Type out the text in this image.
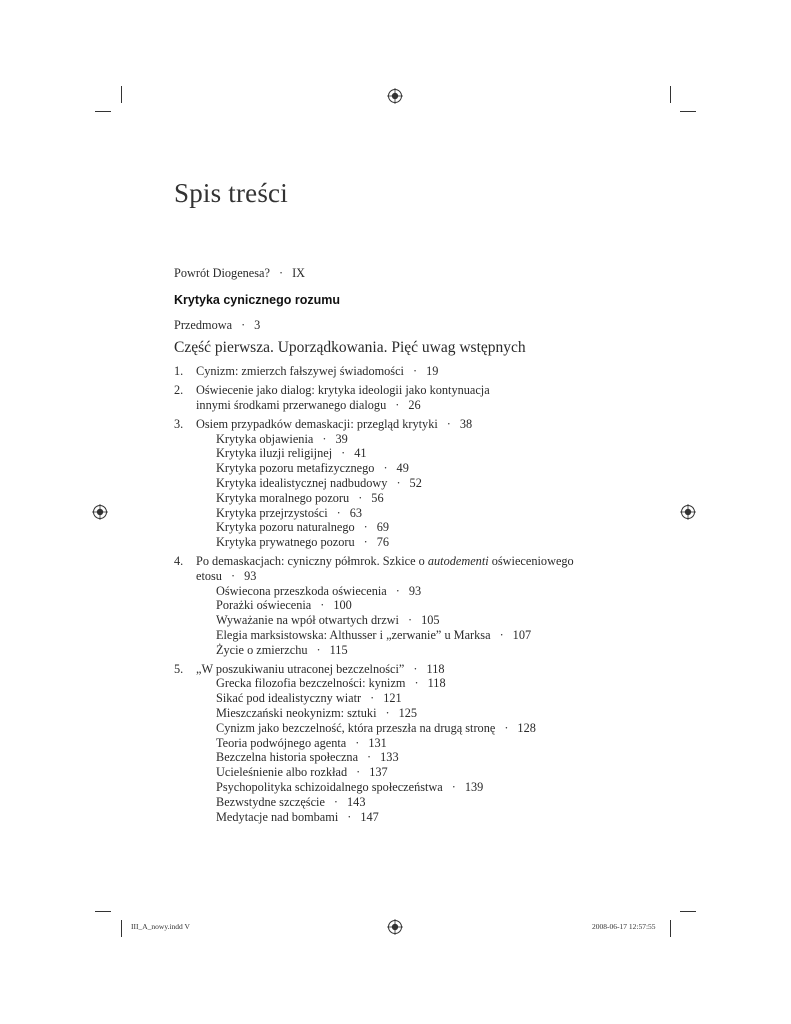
Spis treści
Powrót Diogenesa? · IX
Krytyka cynicznego rozumu
Przedmowa · 3
Część pierwsza. Uporządkowania. Pięć uwag wstępnych
1. Cynizm: zmierzch fałszywej świadomości · 19
2. Oświecenie jako dialog: krytyka ideologii jako kontynuacja
innymi środkami przerwanego dialogu · 26
3. Osiem przypadków demaskacji: przegląd krytyki · 38
Krytyka objawienia · 39
Krytyka iluzji religijnej · 41
Krytyka pozoru metafizycznego · 49
Krytyka idealistycznej nadbudowy · 52
Krytyka moralnego pozoru · 56
Krytyka przejrzystości · 63
Krytyka pozoru naturalnego · 69
Krytyka prywatnego pozoru · 76
4. Po demaskacjach: cyniczny półmrok. Szkice o autodementi oświeceniowego
etosu · 93
Oświecona przeszkoda oświecenia · 93
Porażki oświecenia · 100
Wyważanie na wpół otwartych drzwi · 105
Elegia marksistowska: Althusser i „zerwanie” u Marksa · 107
Życie o zmierzchu · 115
5. „W poszukiwaniu utraconej bezczelności” · 118
Grecka filozofia bezczelności: kynizm · 118
Sikać pod idealistyczny wiatr · 121
Mieszczański neokynizm: sztuki · 125
Cynizm jako bezczelność, która przeszła na drugą stronę · 128
Teoria podwójnego agenta · 131
Bezczelna historia społeczna · 133
Ucieleśnienie albo rozkład · 137
Psychopolityka schizoidalnego społeczeństwa · 139
Bezwstydne szczęście · 143
Medytacje nad bombami · 147
III_A_nowy.indd V	2008-06-17 12:57:55
